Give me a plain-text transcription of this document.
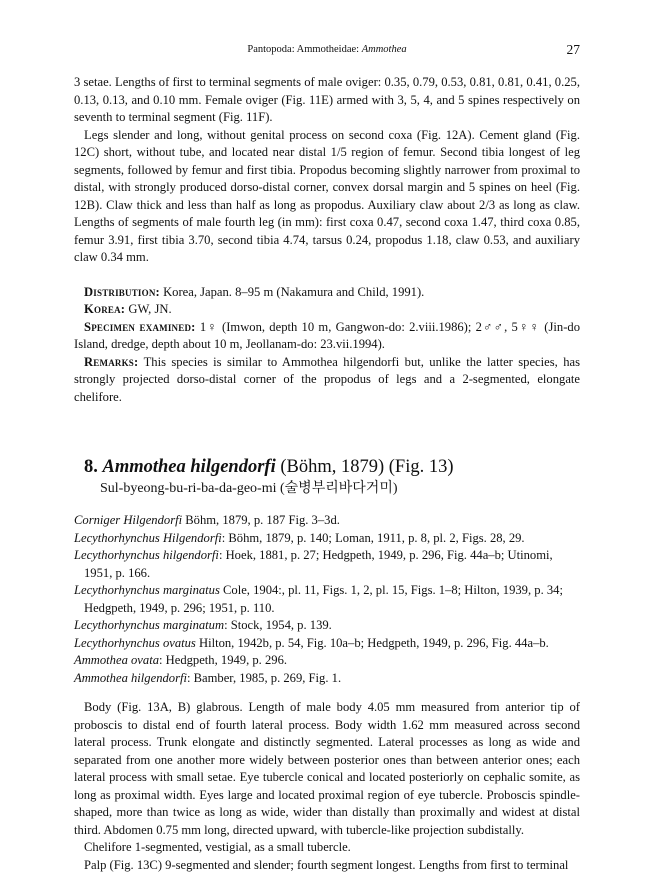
Pantopoda: Ammotheidae: Ammothea	27

3 setae. Lengths of first to terminal segments of male oviger: 0.35, 0.79, 0.53, 0.81, 0.81, 0.41, 0.25, 0.13, 0.13, and 0.10 mm. Female oviger (Fig. 11E) armed with 3, 5, 4, and 5 spines respectively on seventh to terminal segment (Fig. 11F).

Legs slender and long, without genital process on second coxa (Fig. 12A). Cement gland (Fig. 12C) short, without tube, and located near distal 1/5 region of femur. Second tibia longest of leg segments, followed by femur and first tibia. Propodus becoming slightly narrower from proximal to distal, with strongly produced dorso-distal corner, convex dorsal margin and 5 spines on heel (Fig. 12B). Claw thick and less than half as long as propodus. Auxiliary claw about 2/3 as long as claw. Lengths of segments of male fourth leg (in mm): first coxa 0.47, second coxa 1.47, third coxa 0.85, femur 3.91, first tibia 3.70, second tibia 4.74, tarsus 0.24, propodus 1.18, claw 0.53, and auxiliary claw 0.34 mm.

Distribution: Korea, Japan. 8–95 m (Nakamura and Child, 1991).

Korea: GW, JN.

Specimen examined: 1♀ (Imwon, depth 10 m, Gangwon-do: 2.viii.1986); 2♂♂, 5♀♀ (Jin-do Island, dredge, depth about 10 m, Jeollanam-do: 23.vii.1994).

Remarks: This species is similar to Ammothea hilgendorfi but, unlike the latter species, has strongly projected dorso-distal corner of the propodus of legs and a 2-segmented, elongate chelifore.

8. Ammothea hilgendorfi (Böhm, 1879) (Fig. 13)
Sul-byeong-bu-ri-ba-da-geo-mi (술병부리바다거미)

Corniger Hilgendorfi Böhm, 1879, p. 187 Fig. 3–3d.

Lecythorhynchus Hilgendorfi: Böhm, 1879, p. 140; Loman, 1911, p. 8, pl. 2, Figs. 28, 29.

Lecythorhynchus hilgendorfi: Hoek, 1881, p. 27; Hedgpeth, 1949, p. 296, Fig. 44a–b; Utinomi, 1951, p. 166.

Lecythorhynchus marginatus Cole, 1904:, pl. 11, Figs. 1, 2, pl. 15, Figs. 1–8; Hilton, 1939, p. 34; Hedgpeth, 1949, p. 296; 1951, p. 110.

Lecythorhynchus marginatum: Stock, 1954, p. 139.

Lecythorhynchus ovatus Hilton, 1942b, p. 54, Fig. 10a–b; Hedgpeth, 1949, p. 296, Fig. 44a–b.

Ammothea ovata: Hedgpeth, 1949, p. 296.

Ammothea hilgendorfi: Bamber, 1985, p. 269, Fig. 1.

Body (Fig. 13A, B) glabrous. Length of male body 4.05 mm measured from anterior tip of proboscis to distal end of fourth lateral process. Body width 1.62 mm measured across second lateral process. Trunk elongate and distinctly segmented. Lateral processes as long as wide and separated from one another more widely between posterior ones than between anterior ones; each lateral process with small setae. Eye tubercle conical and located posteriorly on cephalic somite, as long as proximal width. Eyes large and located proximal region of eye tubercle. Proboscis spindle-shaped, more than twice as long as wide, wider than distally than proximally and widest at distal third. Abdomen 0.75 mm long, directed upward, with tubercle-like projection subdistally.

Chelifore 1-segmented, vestigial, as a small tubercle.

Palp (Fig. 13C) 9-segmented and slender; fourth segment longest. Lengths from first to terminal
